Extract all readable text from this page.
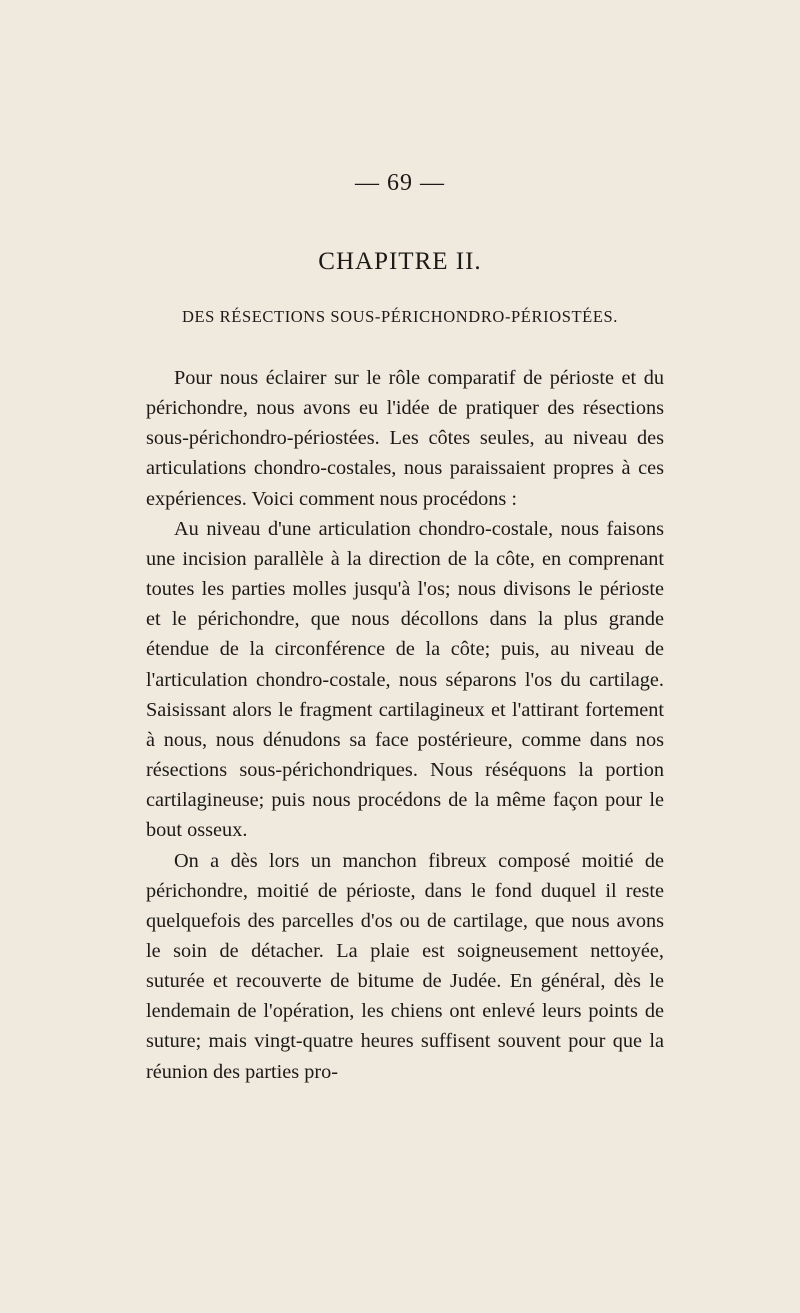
— 69 —
CHAPITRE II.
DES RÉSECTIONS SOUS-PÉRICHONDRO-PÉRIOSTÉES.

Pour nous éclairer sur le rôle comparatif de périoste et du périchondre, nous avons eu l'idée de pratiquer des résections sous-périchondro-périostées. Les côtes seules, au niveau des articulations chondro-costales, nous paraissaient propres à ces expériences. Voici comment nous procédons :

Au niveau d'une articulation chondro-costale, nous faisons une incision parallèle à la direction de la côte, en comprenant toutes les parties molles jusqu'à l'os; nous divisons le périoste et le périchondre, que nous décollons dans la plus grande étendue de la circonférence de la côte; puis, au niveau de l'articulation chondro-costale, nous séparons l'os du cartilage. Saisissant alors le fragment cartilagineux et l'attirant fortement à nous, nous dénudons sa face postérieure, comme dans nos résections sous-périchondriques. Nous réséquons la portion cartilagineuse; puis nous procédons de la même façon pour le bout osseux.

On a dès lors un manchon fibreux composé moitié de périchondre, moitié de périoste, dans le fond duquel il reste quelquefois des parcelles d'os ou de cartilage, que nous avons le soin de détacher. La plaie est soigneusement nettoyée, suturée et recouverte de bitume de Judée. En général, dès le lendemain de l'opération, les chiens ont enlevé leurs points de suture; mais vingt-quatre heures suffisent souvent pour que la réunion des parties pro-
